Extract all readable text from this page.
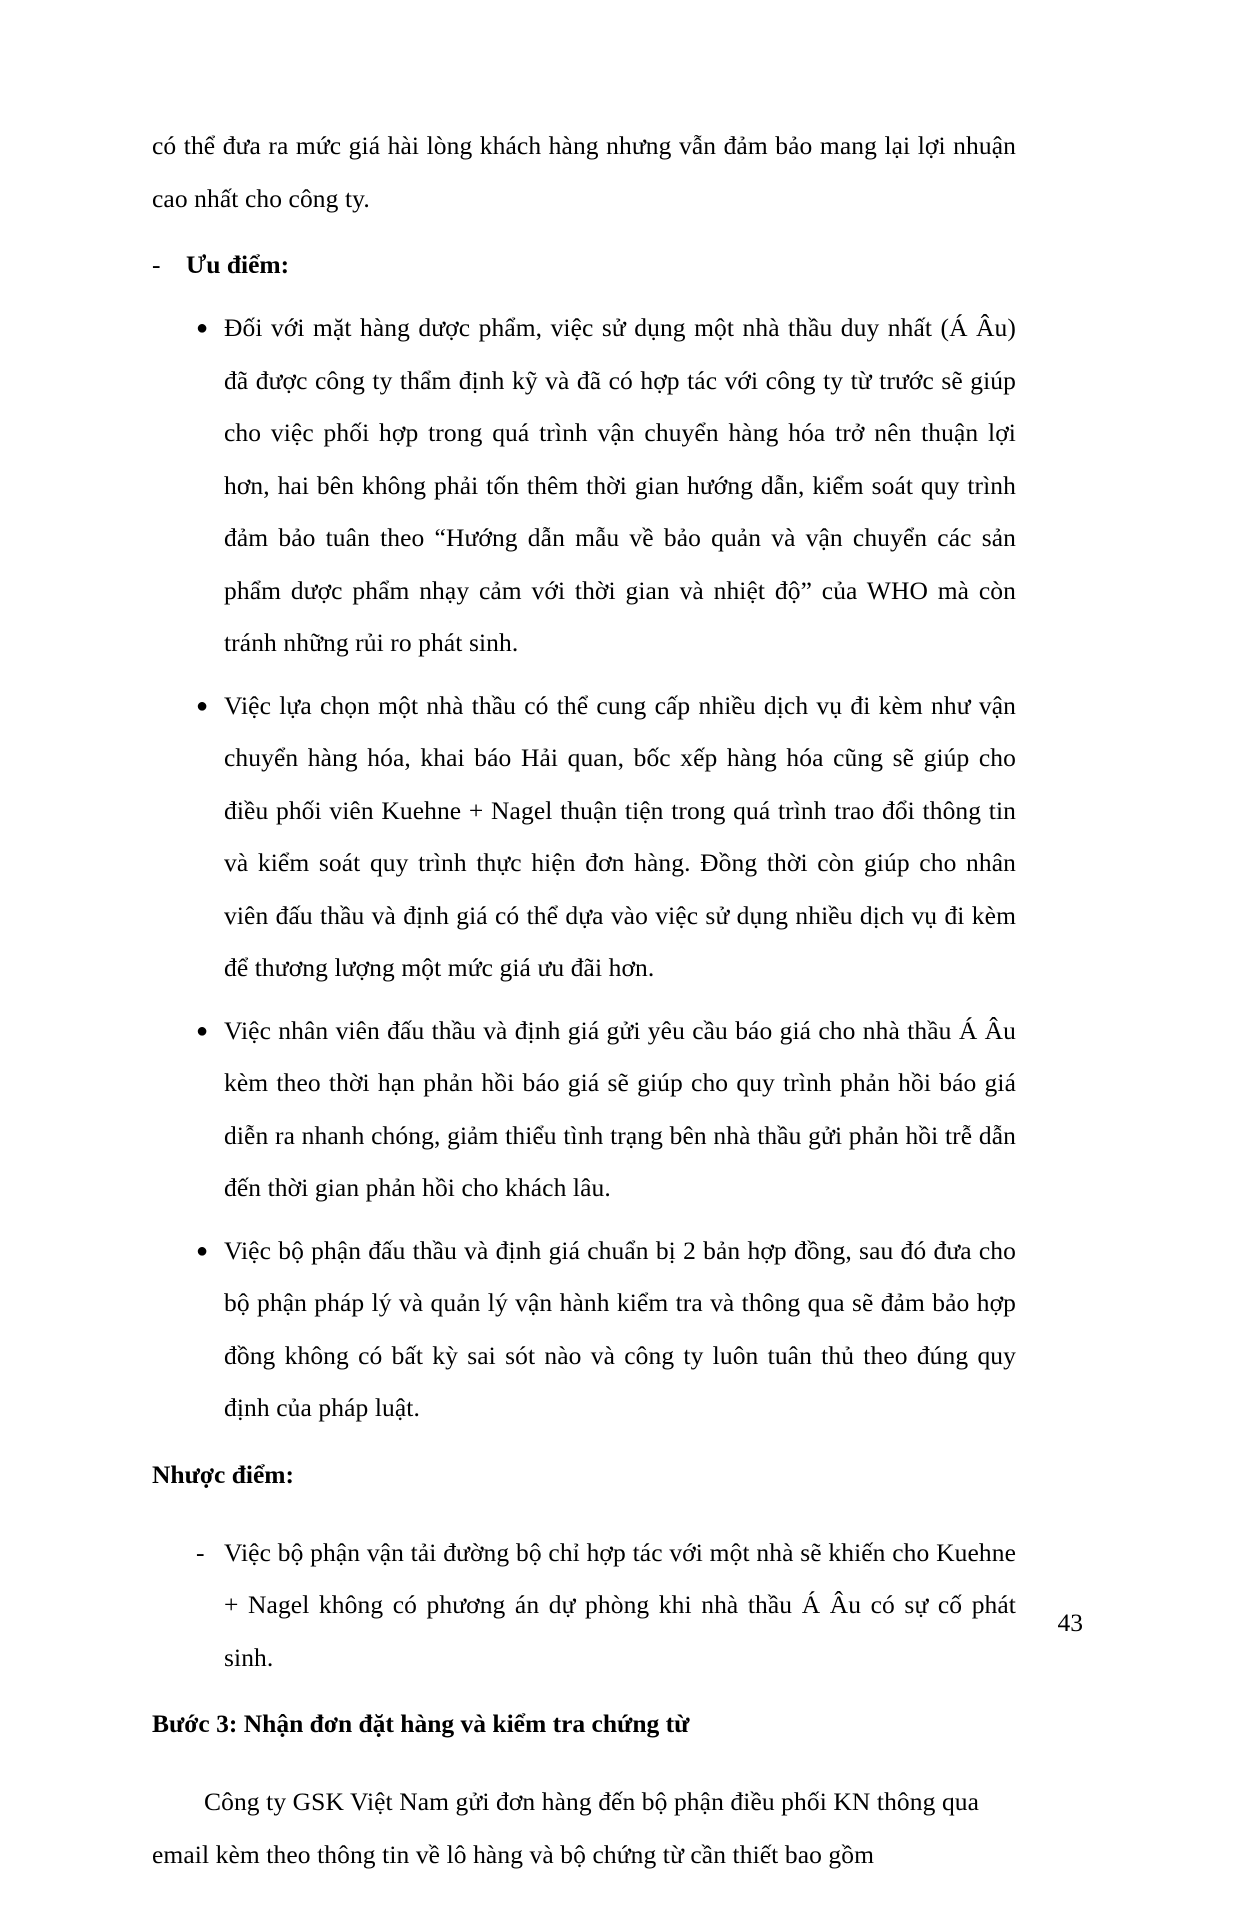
có thể đưa ra mức giá hài lòng khách hàng nhưng vẫn đảm bảo mang lại lợi nhuận cao nhất cho công ty.

-	Ưu điểm:
● Đối với mặt hàng dược phẩm, việc sử dụng một nhà thầu duy nhất (Á Âu) đã được công ty thẩm định kỹ và đã có hợp tác với công ty từ trước sẽ giúp cho việc phối hợp trong quá trình vận chuyển hàng hóa trở nên thuận lợi hơn, hai bên không phải tốn thêm thời gian hướng dẫn, kiểm soát quy trình đảm bảo tuân theo “Hướng dẫn mẫu về bảo quản và vận chuyển các sản phẩm dược phẩm nhạy cảm với thời gian và nhiệt độ” của WHO mà còn tránh những rủi ro phát sinh.
● Việc lựa chọn một nhà thầu có thể cung cấp nhiều dịch vụ đi kèm như vận chuyển hàng hóa, khai báo Hải quan, bốc xếp hàng hóa cũng sẽ giúp cho điều phối viên Kuehne + Nagel thuận tiện trong quá trình trao đổi thông tin và kiểm soát quy trình thực hiện đơn hàng. Đồng thời còn giúp cho nhân viên đấu thầu và định giá có thể dựa vào việc sử dụng nhiều dịch vụ đi kèm để thương lượng một mức giá ưu đãi hơn.
● Việc nhân viên đấu thầu và định giá gửi yêu cầu báo giá cho nhà thầu Á Âu kèm theo thời hạn phản hồi báo giá sẽ giúp cho quy trình phản hồi báo giá diễn ra nhanh chóng, giảm thiểu tình trạng bên nhà thầu gửi phản hồi trễ dẫn đến thời gian phản hồi cho khách lâu.
● Việc bộ phận đấu thầu và định giá chuẩn bị 2 bản hợp đồng, sau đó đưa cho bộ phận pháp lý và quản lý vận hành kiểm tra và thông qua sẽ đảm bảo hợp đồng không có bất kỳ sai sót nào và công ty luôn tuân thủ theo đúng quy định của pháp luật.

Nhược điểm:

- Việc bộ phận vận tải đường bộ chỉ hợp tác với một nhà sẽ khiến cho Kuehne + Nagel không có phương án dự phòng khi nhà thầu Á Âu có sự cố phát sinh.

Bước 3: Nhận đơn đặt hàng và kiểm tra chứng từ

Công ty GSK Việt Nam gửi đơn hàng đến bộ phận điều phối KN thông qua email kèm theo thông tin về lô hàng và bộ chứng từ cần thiết bao gồm

43
